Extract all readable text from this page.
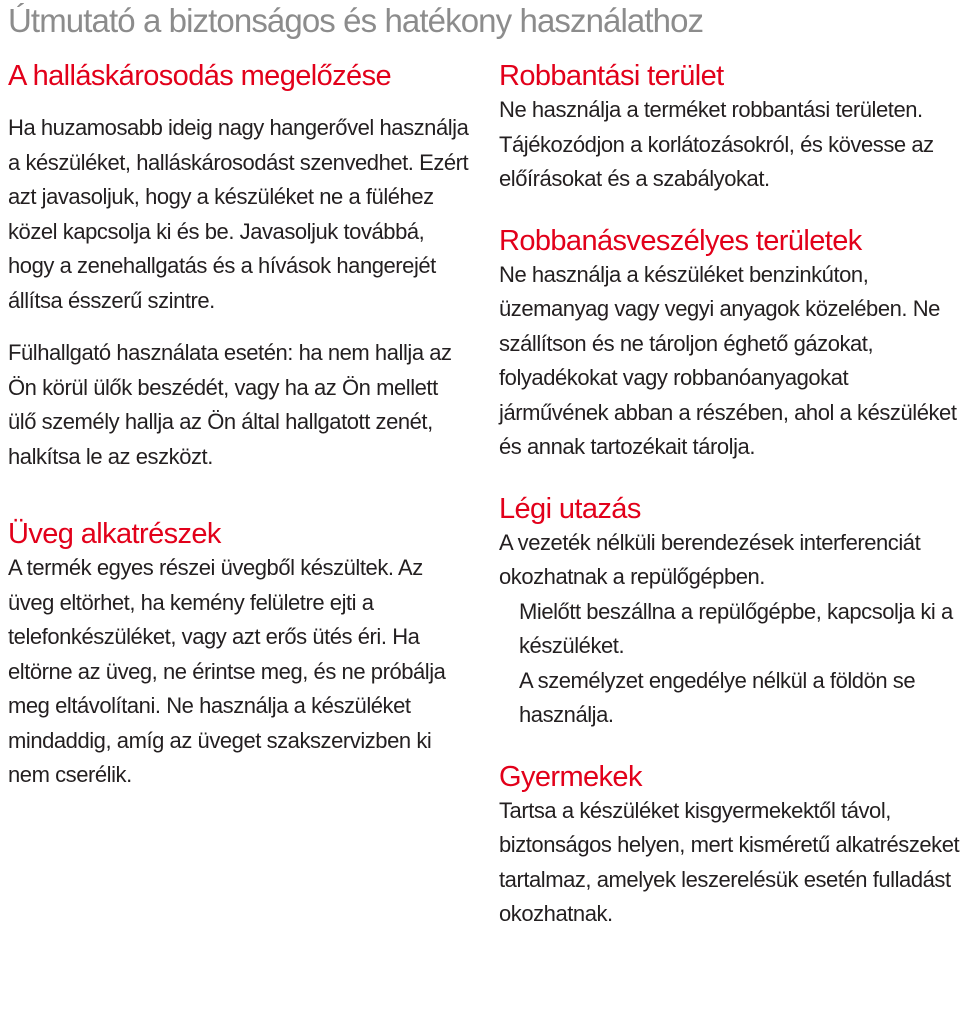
Útmutató a biztonságos és hatékony használathoz
A halláskárosodás megelőzése

Ha huzamosabb ideig nagy hangerővel használja a készüléket, halláskárosodást szenvedhet. Ezért azt javasoljuk, hogy a készüléket ne a füléhez közel kapcsolja ki és be. Javasoljuk továbbá, hogy a zenehallgatás és a hívások hangerejét állítsa ésszerű szintre.

Fülhallgató használata esetén: ha nem hallja az Ön körül ülők beszédét, vagy ha az Ön mellett ülő személy hallja az Ön által hallgatott zenét, halkítsa le az eszközt.

Üveg alkatrészek

A termék egyes részei üvegből készültek. Az üveg eltörhet, ha kemény felületre ejti a telefonkészüléket, vagy azt erős ütés éri. Ha eltörne az üveg, ne érintse meg, és ne próbálja meg eltávolítani. Ne használja a készüléket mindaddig, amíg az üveget szakszervizben ki nem cserélik.

Robbantási terület

Ne használja a terméket robbantási területen. Tájékozódjon a korlátozásokról, és kövesse az előírásokat és a szabályokat.

Robbanásveszélyes területek

Ne használja a készüléket benzinkúton, üzemanyag vagy vegyi anyagok közelében. Ne szállítson és ne tároljon éghető gázokat, folyadékokat vagy robbanóanyagokat járművének abban a részében, ahol a készüléket és annak tartozékait tárolja.

Légi utazás

A vezeték nélküli berendezések interferenciát okozhatnak a repülőgépben.

Mielőtt beszállna a repülőgépbe, kapcsolja ki a készüléket.

A személyzet engedélye nélkül a földön se használja.

Gyermekek

Tartsa a készüléket kisgyermekektől távol, biztonságos helyen, mert kisméretű alkatrészeket tartalmaz, amelyek leszerelésük esetén fulladást okozhatnak.
